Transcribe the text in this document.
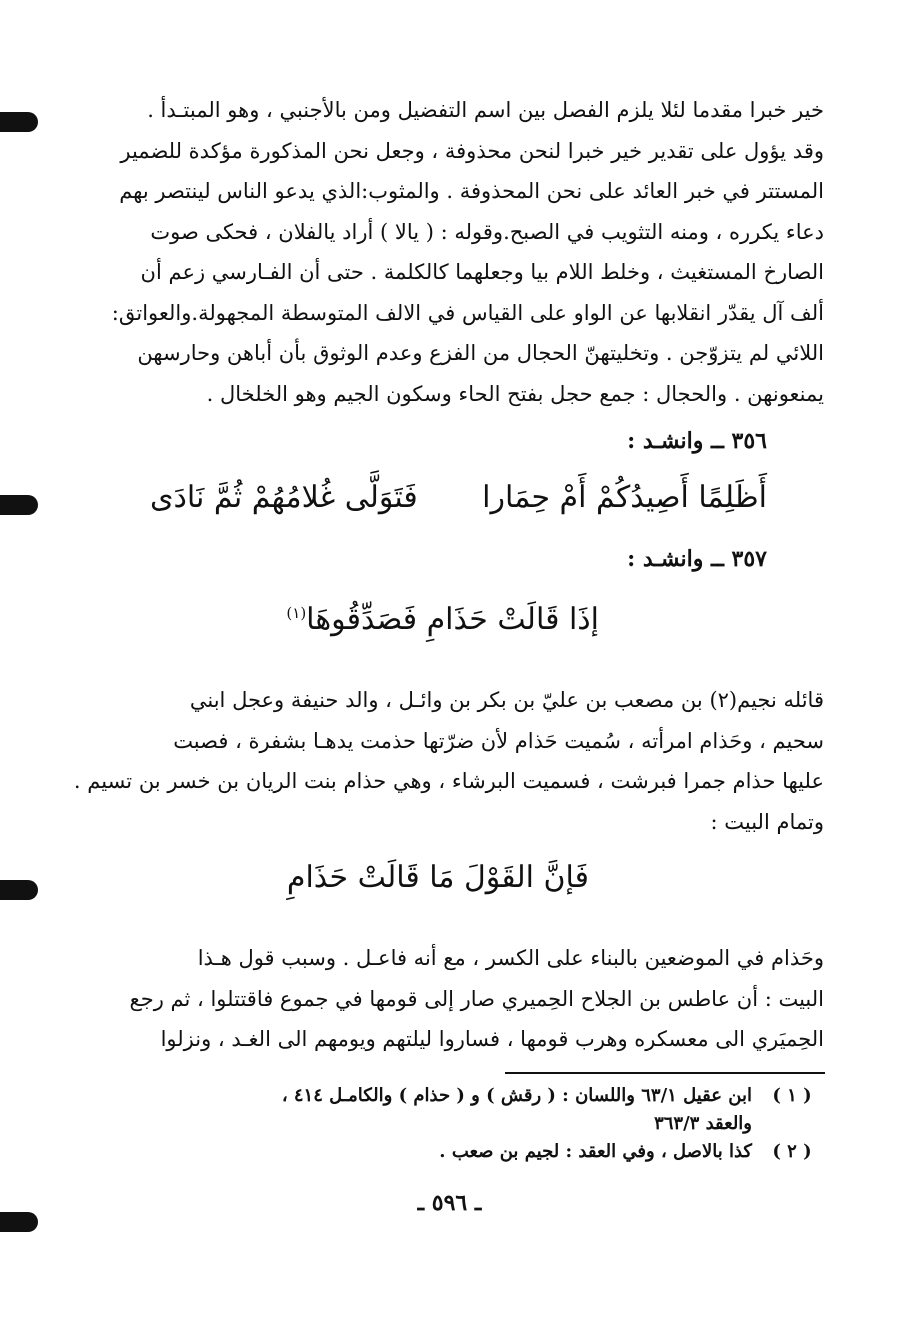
خير خبرا مقدما لئلا يلزم الفصل بين اسم التفضيل ومن بالأجنبي ، وهو المبتـدأ .
وقد يؤول على تقدير خير خبرا لنحن محذوفة ، وجعل نحن المذكورة مؤكدة للضمير
المستتر في خبر العائد على نحن المحذوفة . والمثوب:الذي يدعو الناس لينتصر بهم
دعاء يكرره ، ومنه التثويب في الصبح.وقوله : ( يالا ) أراد يالفلان ، فحكى صوت
الصارخ المستغيث ، وخلط اللام بيا وجعلهما كالكلمة . حتى أن الفـارسي زعم أن
ألف آل يقدّر انقلابها عن الواو على القياس في الالف المتوسطة المجهولة.والعواتق:
اللائي لم يتزوّجن . وتخليتهنّ الحجال من الفزع وعدم الوثوق بأن أباهن وحارسهن
يمنعونهن . والحجال : جمع حجل بفتح الحاء وسكون الجيم وهو الخلخال .
٣٥٦ ــ وانشـد :
أَظَلِمًا أَصِيدُكُمْ أَمْ حِمَارا
فَتَوَلَّى غُلامُهُمْ ثُمَّ نَادَى
٣٥٧ ــ وانشـد :
إذَا قَالَتْ حَذَامِ فَصَدِّقُوهَا$^{(١)}$
قائله نجيم(٢) بن مصعب بن عليّ بن بكر بن وائـل ، والد حنيفة وعجل ابني
سحيم ، وحَذام امرأته ، سُميت حَذام لأن ضرّتها حذمت يدهـا بشفرة ، فصبت
عليها حذام جمرا فبرشت ، فسميت البرشاء ، وهي حذام بنت الريان بن خسر بن تسيم .
وتمام البيت :
فَإنَّ القَوْلَ مَا قَالَتْ حَذَامِ
وحَذام في الموضعين بالبناء على الكسر ، مع أنه فاعـل . وسبب قول هـذا
البيت : أن عاطس بن الجلاح الحِميري صار إلى قومها في جموع فاقتتلوا ، ثم رجع
الحِميَري الى معسكره وهرب قومها ، فساروا ليلتهم ويومهم الى الغـد ، ونزلوا
( ١ )
ابن عقيل ٦٣/١ واللسان : ( رقش ) و ( حذام ) والكامـل ٤١٤ ،
والعقد ٣٦٣/٣
( ٢ )
كذا بالاصل ، وفي العقد : لجيم بن صعب .
ـ ٥٩٦ ـ
